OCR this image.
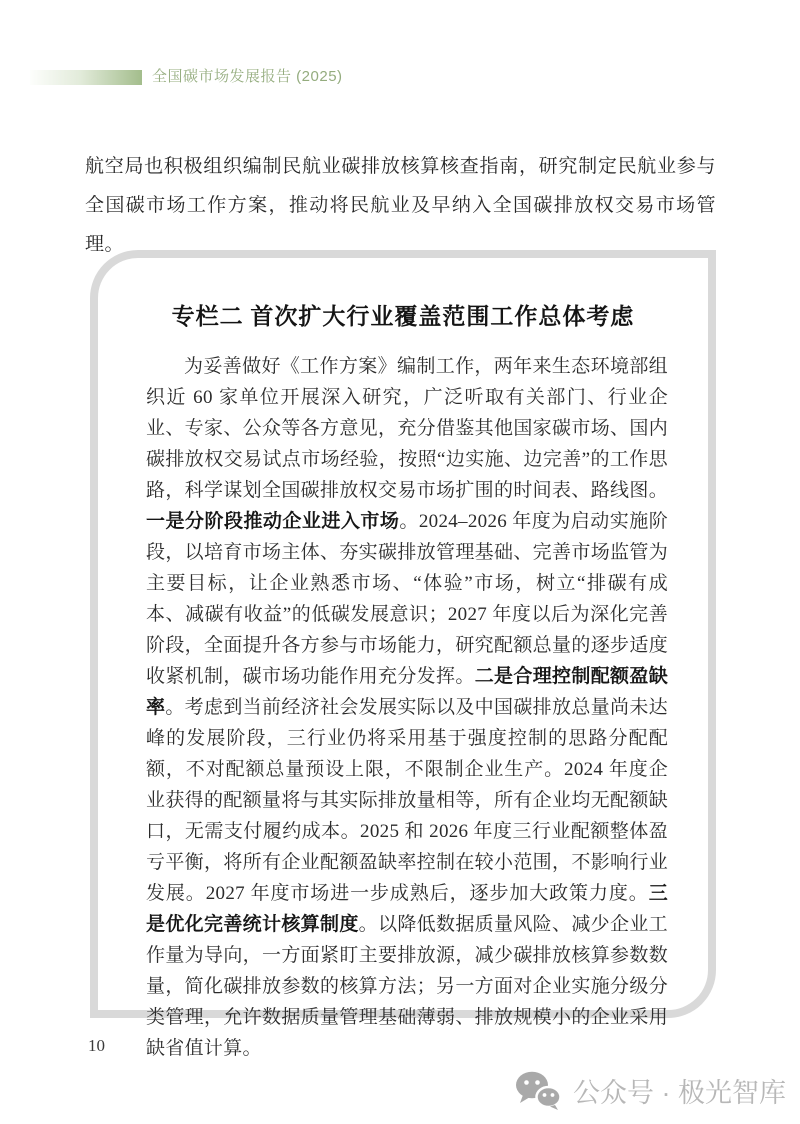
全国碳市场发展报告 (2025)
航空局也积极组织编制民航业碳排放核算核查指南，研究制定民航业参与全国碳市场工作方案，推动将民航业及早纳入全国碳排放权交易市场管理。
专栏二 首次扩大行业覆盖范围工作总体考虑
为妥善做好《工作方案》编制工作，两年来生态环境部组织近 60 家单位开展深入研究，广泛听取有关部门、行业企业、专家、公众等各方意见，充分借鉴其他国家碳市场、国内碳排放权交易试点市场经验，按照“边实施、边完善”的工作思路，科学谋划全国碳排放权交易市场扩围的时间表、路线图。一是分阶段推动企业进入市场。2024–2026 年度为启动实施阶段，以培育市场主体、夯实碳排放管理基础、完善市场监管为主要目标，让企业熟悉市场、“体验”市场，树立“排碳有成本、减碳有收益”的低碳发展意识；2027 年度以后为深化完善阶段，全面提升各方参与市场能力，研究配额总量的逐步适度收紧机制，碳市场功能作用充分发挥。二是合理控制配额盈缺率。考虑到当前经济社会发展实际以及中国碳排放总量尚未达峰的发展阶段，三行业仍将采用基于强度控制的思路分配配额，不对配额总量预设上限，不限制企业生产。2024 年度企业获得的配额量将与其实际排放量相等，所有企业均无配额缺口，无需支付履约成本。2025 和 2026 年度三行业配额整体盈亏平衡，将所有企业配额盈缺率控制在较小范围，不影响行业发展。2027 年度市场进一步成熟后，逐步加大政策力度。三是优化完善统计核算制度。以降低数据质量风险、减少企业工作量为导向，一方面紧盯主要排放源，减少碳排放核算参数数量，简化碳排放参数的核算方法；另一方面对企业实施分级分类管理，允许数据质量管理基础薄弱、排放规模小的企业采用缺省值计算。
10
公众号 · 极光智库
